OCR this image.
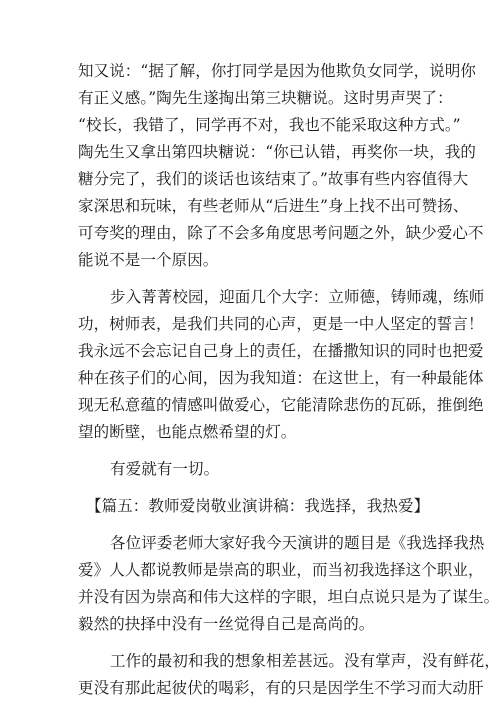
知又说：“据了解，你打同学是因为他欺负女同学，说明你
有正义感。”陶先生遂掏出第三块糖说。这时男声哭了：
“校长，我错了，同学再不对，我也不能采取这种方式。”
陶先生又拿出第四块糖说：“你已认错，再奖你一块，我的
糖分完了，我们的谈话也该结束了。”故事有些内容值得大
家深思和玩味，有些老师从“后进生”身上找不出可赞扬、
可夸奖的理由，除了不会多角度思考问题之外，缺少爱心不
能说不是一个原因。
步入菁菁校园，迎面几个大字：立师德，铸师魂，练师
功，树师表，是我们共同的心声，更是一中人坚定的誓言！
我永远不会忘记自己身上的责任，在播撒知识的同时也把爱
种在孩子们的心间，因为我知道：在这世上，有一种最能体
现无私意蕴的情感叫做爱心，它能清除悲伤的瓦砾，推倒绝
望的断壁，也能点燃希望的灯。
有爱就有一切。
【篇五：教师爱岗敬业演讲稿：我选择，我热爱】
各位评委老师大家好我今天演讲的题目是《我选择我热
爱》人人都说教师是崇高的职业，而当初我选择这个职业，
并没有因为崇高和伟大这样的字眼，坦白点说只是为了谋生。
毅然的抉择中没有一丝觉得自己是高尚的。
工作的最初和我的想象相差甚远。没有掌声，没有鲜花，
更没有那此起彼伏的喝彩，有的只是因学生不学习而大动肝
